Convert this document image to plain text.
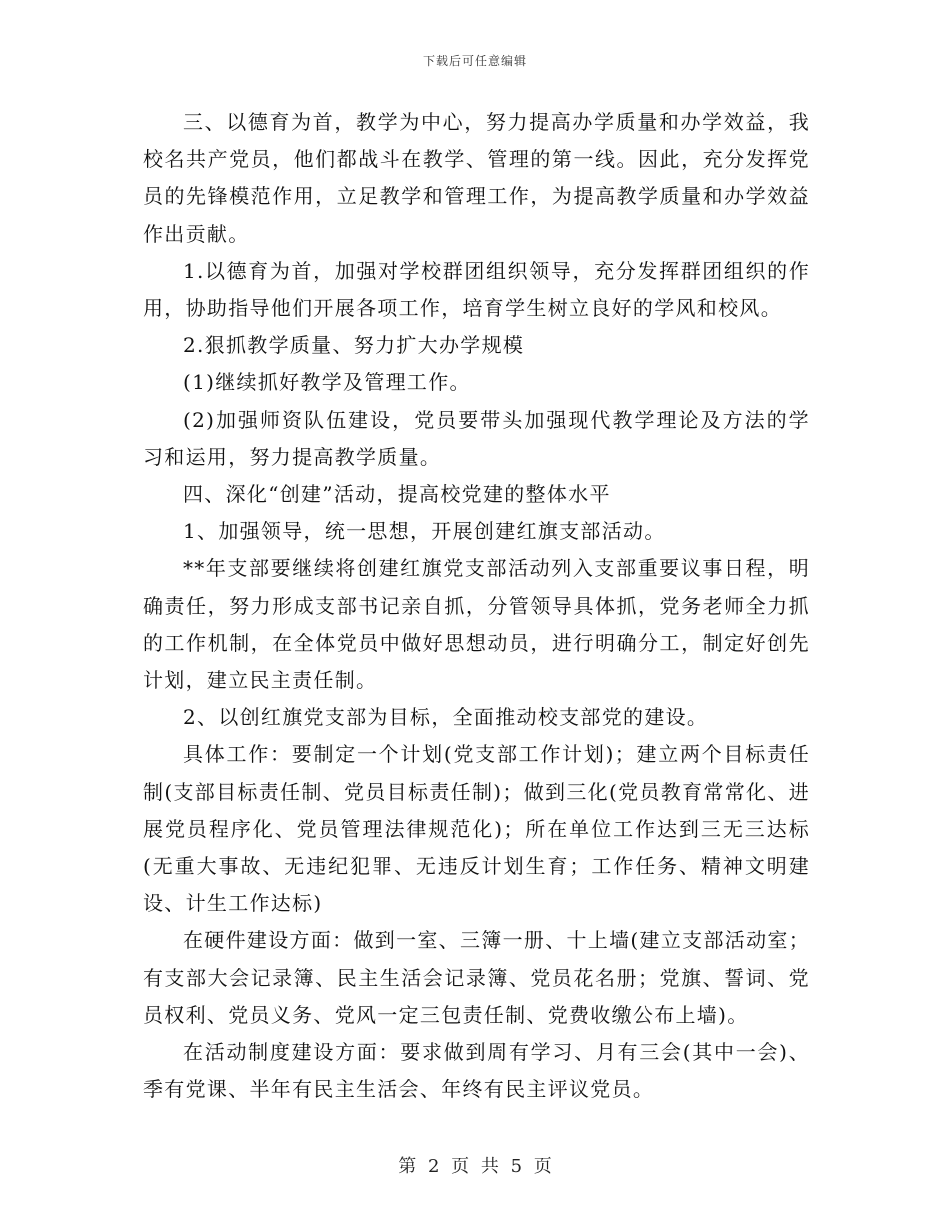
下载后可任意编辑

三、以德育为首，教学为中心，努力提高办学质量和办学效益，我校名共产党员，他们都战斗在教学、管理的第一线。因此，充分发挥党员的先锋模范作用，立足教学和管理工作，为提高教学质量和办学效益作出贡献。

1.以德育为首，加强对学校群团组织领导，充分发挥群团组织的作用，协助指导他们开展各项工作，培育学生树立良好的学风和校风。

2.狠抓教学质量、努力扩大办学规模

(1)继续抓好教学及管理工作。

(2)加强师资队伍建设，党员要带头加强现代教学理论及方法的学习和运用，努力提高教学质量。

四、深化“创建”活动，提高校党建的整体水平

1、加强领导，统一思想，开展创建红旗支部活动。

**年支部要继续将创建红旗党支部活动列入支部重要议事日程，明确责任，努力形成支部书记亲自抓，分管领导具体抓，党务老师全力抓的工作机制，在全体党员中做好思想动员，进行明确分工，制定好创先计划，建立民主责任制。

2、以创红旗党支部为目标，全面推动校支部党的建设。

具体工作：要制定一个计划(党支部工作计划)；建立两个目标责任制(支部目标责任制、党员目标责任制)；做到三化(党员教育常常化、进展党员程序化、党员管理法律规范化)；所在单位工作达到三无三达标(无重大事故、无违纪犯罪、无违反计划生育；工作任务、精神文明建设、计生工作达标)

在硬件建设方面：做到一室、三簿一册、十上墙(建立支部活动室；有支部大会记录簿、民主生活会记录簿、党员花名册；党旗、誓词、党员权利、党员义务、党风一定三包责任制、党费收缴公布上墙)。

在活动制度建设方面：要求做到周有学习、月有三会(其中一会)、季有党课、半年有民主生活会、年终有民主评议党员。

第 2 页 共 5 页
